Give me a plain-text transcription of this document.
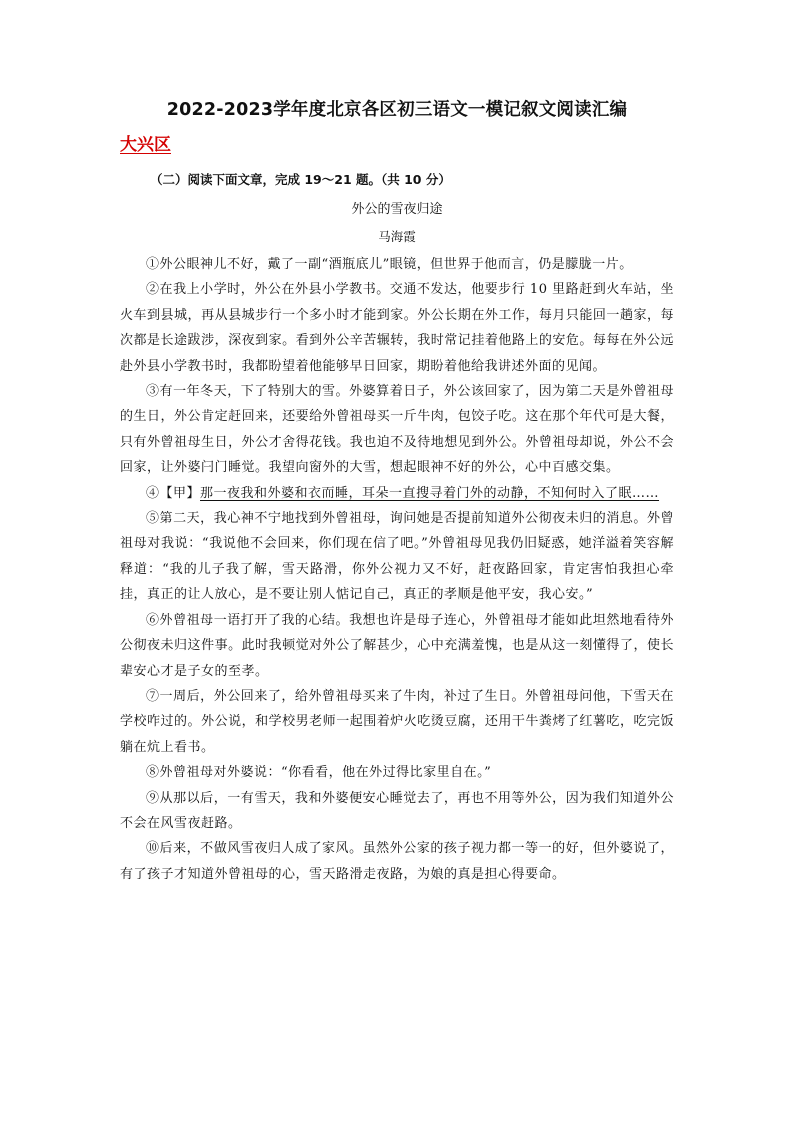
2022-2023学年度北京各区初三语文一模记叙文阅读汇编
大兴区
（二）阅读下面文章，完成 19～21 题。（共 10 分）
外公的雪夜归途
马海霞

①外公眼神儿不好，戴了一副“酒瓶底儿”眼镜，但世界于他而言，仍是朦胧一片。

②在我上小学时，外公在外县小学教书。交通不发达，他要步行 10 里路赶到火车站，坐火车到县城，再从县城步行一个多小时才能到家。外公长期在外工作，每月只能回一趟家，每次都是长途跋涉，深夜到家。看到外公辛苦辗转，我时常记挂着他路上的安危。每每在外公远赴外县小学教书时，我都盼望着他能够早日回家，期盼着他给我讲述外面的见闻。

③有一年冬天，下了特别大的雪。外婆算着日子，外公该回家了，因为第二天是外曾祖母的生日，外公肯定赶回来，还要给外曾祖母买一斤牛肉，包饺子吃。这在那个年代可是大餐，只有外曾祖母生日，外公才舍得花钱。我也迫不及待地想见到外公。外曾祖母却说，外公不会回家，让外婆闩门睡觉。我望向窗外的大雪，想起眼神不好的外公，心中百感交集。

④【甲】那一夜我和外婆和衣而睡，耳朵一直搜寻着门外的动静，不知何时入了眠……

⑤第二天，我心神不宁地找到外曾祖母，询问她是否提前知道外公彻夜未归的消息。外曾祖母对我说：“我说他不会回来，你们现在信了吧。”外曾祖母见我仍旧疑惑，她洋溢着笑容解释道：“我的儿子我了解，雪天路滑，你外公视力又不好，赶夜路回家，肯定害怕我担心牵挂，真正的让人放心，是不要让别人惦记自己，真正的孝顺是他平安，我心安。”

⑥外曾祖母一语打开了我的心结。我想也许是母子连心，外曾祖母才能如此坦然地看待外公彻夜未归这件事。此时我顿觉对外公了解甚少，心中充满羞愧，也是从这一刻懂得了，使长辈安心才是子女的至孝。

⑦一周后，外公回来了，给外曾祖母买来了牛肉，补过了生日。外曾祖母问他，下雪天在学校咋过的。外公说，和学校男老师一起围着炉火吃烫豆腐，还用干牛粪烤了红薯吃，吃完饭躺在炕上看书。

⑧外曾祖母对外婆说：“你看看，他在外过得比家里自在。”

⑨从那以后，一有雪天，我和外婆便安心睡觉去了，再也不用等外公，因为我们知道外公不会在风雪夜赶路。

⑩后来，不做风雪夜归人成了家风。虽然外公家的孩子视力都一等一的好，但外婆说了，有了孩子才知道外曾祖母的心，雪天路滑走夜路，为娘的真是担心得要命。
